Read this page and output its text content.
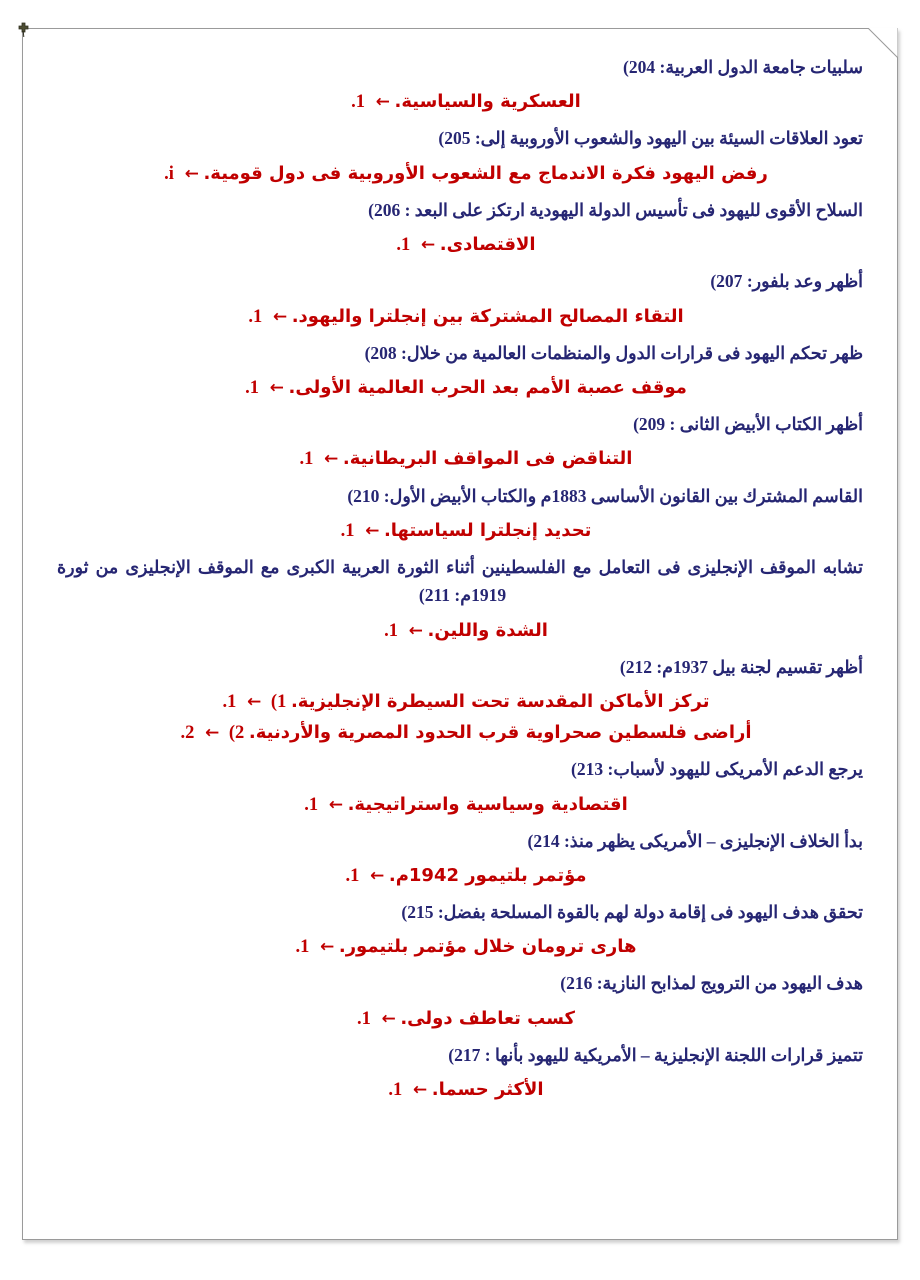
سلبيات جامعة الدول العربية: (204

العسكرية والسياسية. ← .1

تعود العلاقات السيئة بين اليهود والشعوب الأوروبية إلى: (205

رفض اليهود فكرة الاندماج مع الشعوب الأوروبية فى دول قومية. ← .i

السلاح الأقوى لليهود فى تأسيس الدولة اليهودية ارتكز على البعد : (206

الاقتصادى. ← .1

أظهر وعد بلفور: (207

التقاء المصالح المشتركة بين إنجلترا واليهود. ← .1

ظهر تحكم اليهود فى قرارات الدول والمنظمات العالمية من خلال: (208

موقف عصبة الأمم بعد الحرب العالمية الأولى. ← .1

أظهر الكتاب الأبيض الثانى : (209

التناقض فى المواقف البريطانية. ← .1

القاسم المشترك بين القانون الأساسى 1883م والكتاب الأبيض الأول: (210

تحديد إنجلترا لسياستها. ← .1

تشابه الموقف الإنجليزى فى التعامل مع الفلسطينين أثناء الثورة العربية الكبرى مع الموقف الإنجليزى من ثورة 1919م: (211

الشدة واللين. ← .1

أظهر تقسيم لجنة بيل 1937م: (212

تركز الأماكن المقدسة تحت السيطرة الإنجليزية. (1 ← .1
أراضى فلسطين صحراوية قرب الحدود المصرية والأردنية. (2 ← .2

يرجع الدعم الأمريكى لليهود لأسباب: (213

اقتصادية وسياسية واستراتيجية. ← .1

بدأ الخلاف الإنجليزى – الأمريكى يظهر منذ: (214

مؤتمر بلتيمور 1942م. ← .1

تحقق هدف اليهود فى إقامة دولة لهم بالقوة المسلحة بفضل: (215

هارى ترومان خلال مؤتمر بلتيمور. ← .1

هدف اليهود من الترويج لمذابح النازية: (216

كسب تعاطف دولى. ← .1

تتميز قرارات اللجنة الإنجليزية – الأمريكية لليهود بأنها : (217

الأكثر حسما. ← .1
